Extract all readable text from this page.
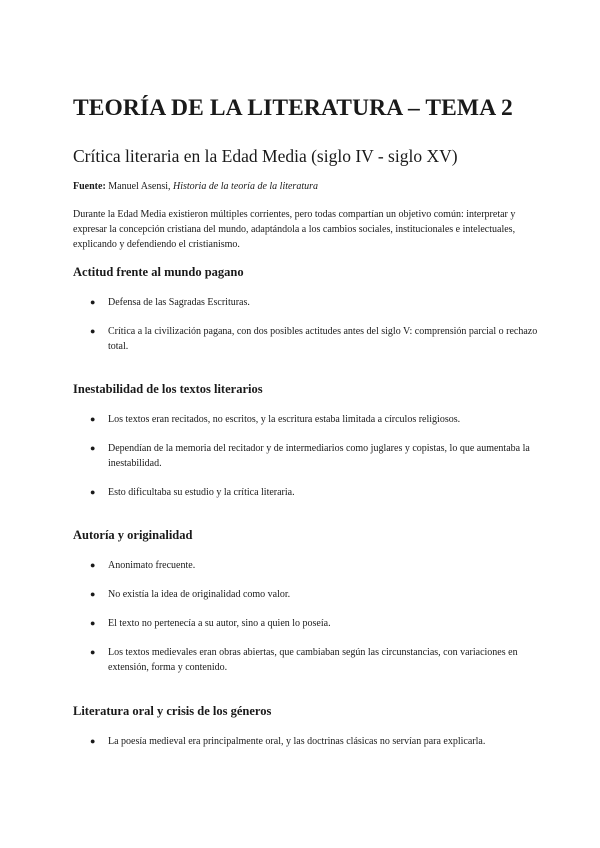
TEORÍA DE LA LITERATURA – TEMA 2
Crítica literaria en la Edad Media (siglo IV - siglo XV)

Fuente: Manuel Asensi, Historia de la teoría de la literatura

Durante la Edad Media existieron múltiples corrientes, pero todas compartían un objetivo común: interpretar y expresar la concepción cristiana del mundo, adaptándola a los cambios sociales, institucionales e intelectuales, explicando y defendiendo el cristianismo.

Actitud frente al mundo pagano
● Defensa de las Sagradas Escrituras.
● Crítica a la civilización pagana, con dos posibles actitudes antes del siglo V: comprensión parcial o rechazo total.
Inestabilidad de los textos literarios
● Los textos eran recitados, no escritos, y la escritura estaba limitada a círculos religiosos.
● Dependían de la memoria del recitador y de intermediarios como juglares y copistas, lo que aumentaba la inestabilidad.
● Esto dificultaba su estudio y la crítica literaria.
Autoría y originalidad
● Anonimato frecuente.
● No existía la idea de originalidad como valor.
● El texto no pertenecía a su autor, sino a quien lo poseía.
● Los textos medievales eran obras abiertas, que cambiaban según las circunstancias, con variaciones en extensión, forma y contenido.
Literatura oral y crisis de los géneros
● La poesía medieval era principalmente oral, y las doctrinas clásicas no servían para explicarla.
